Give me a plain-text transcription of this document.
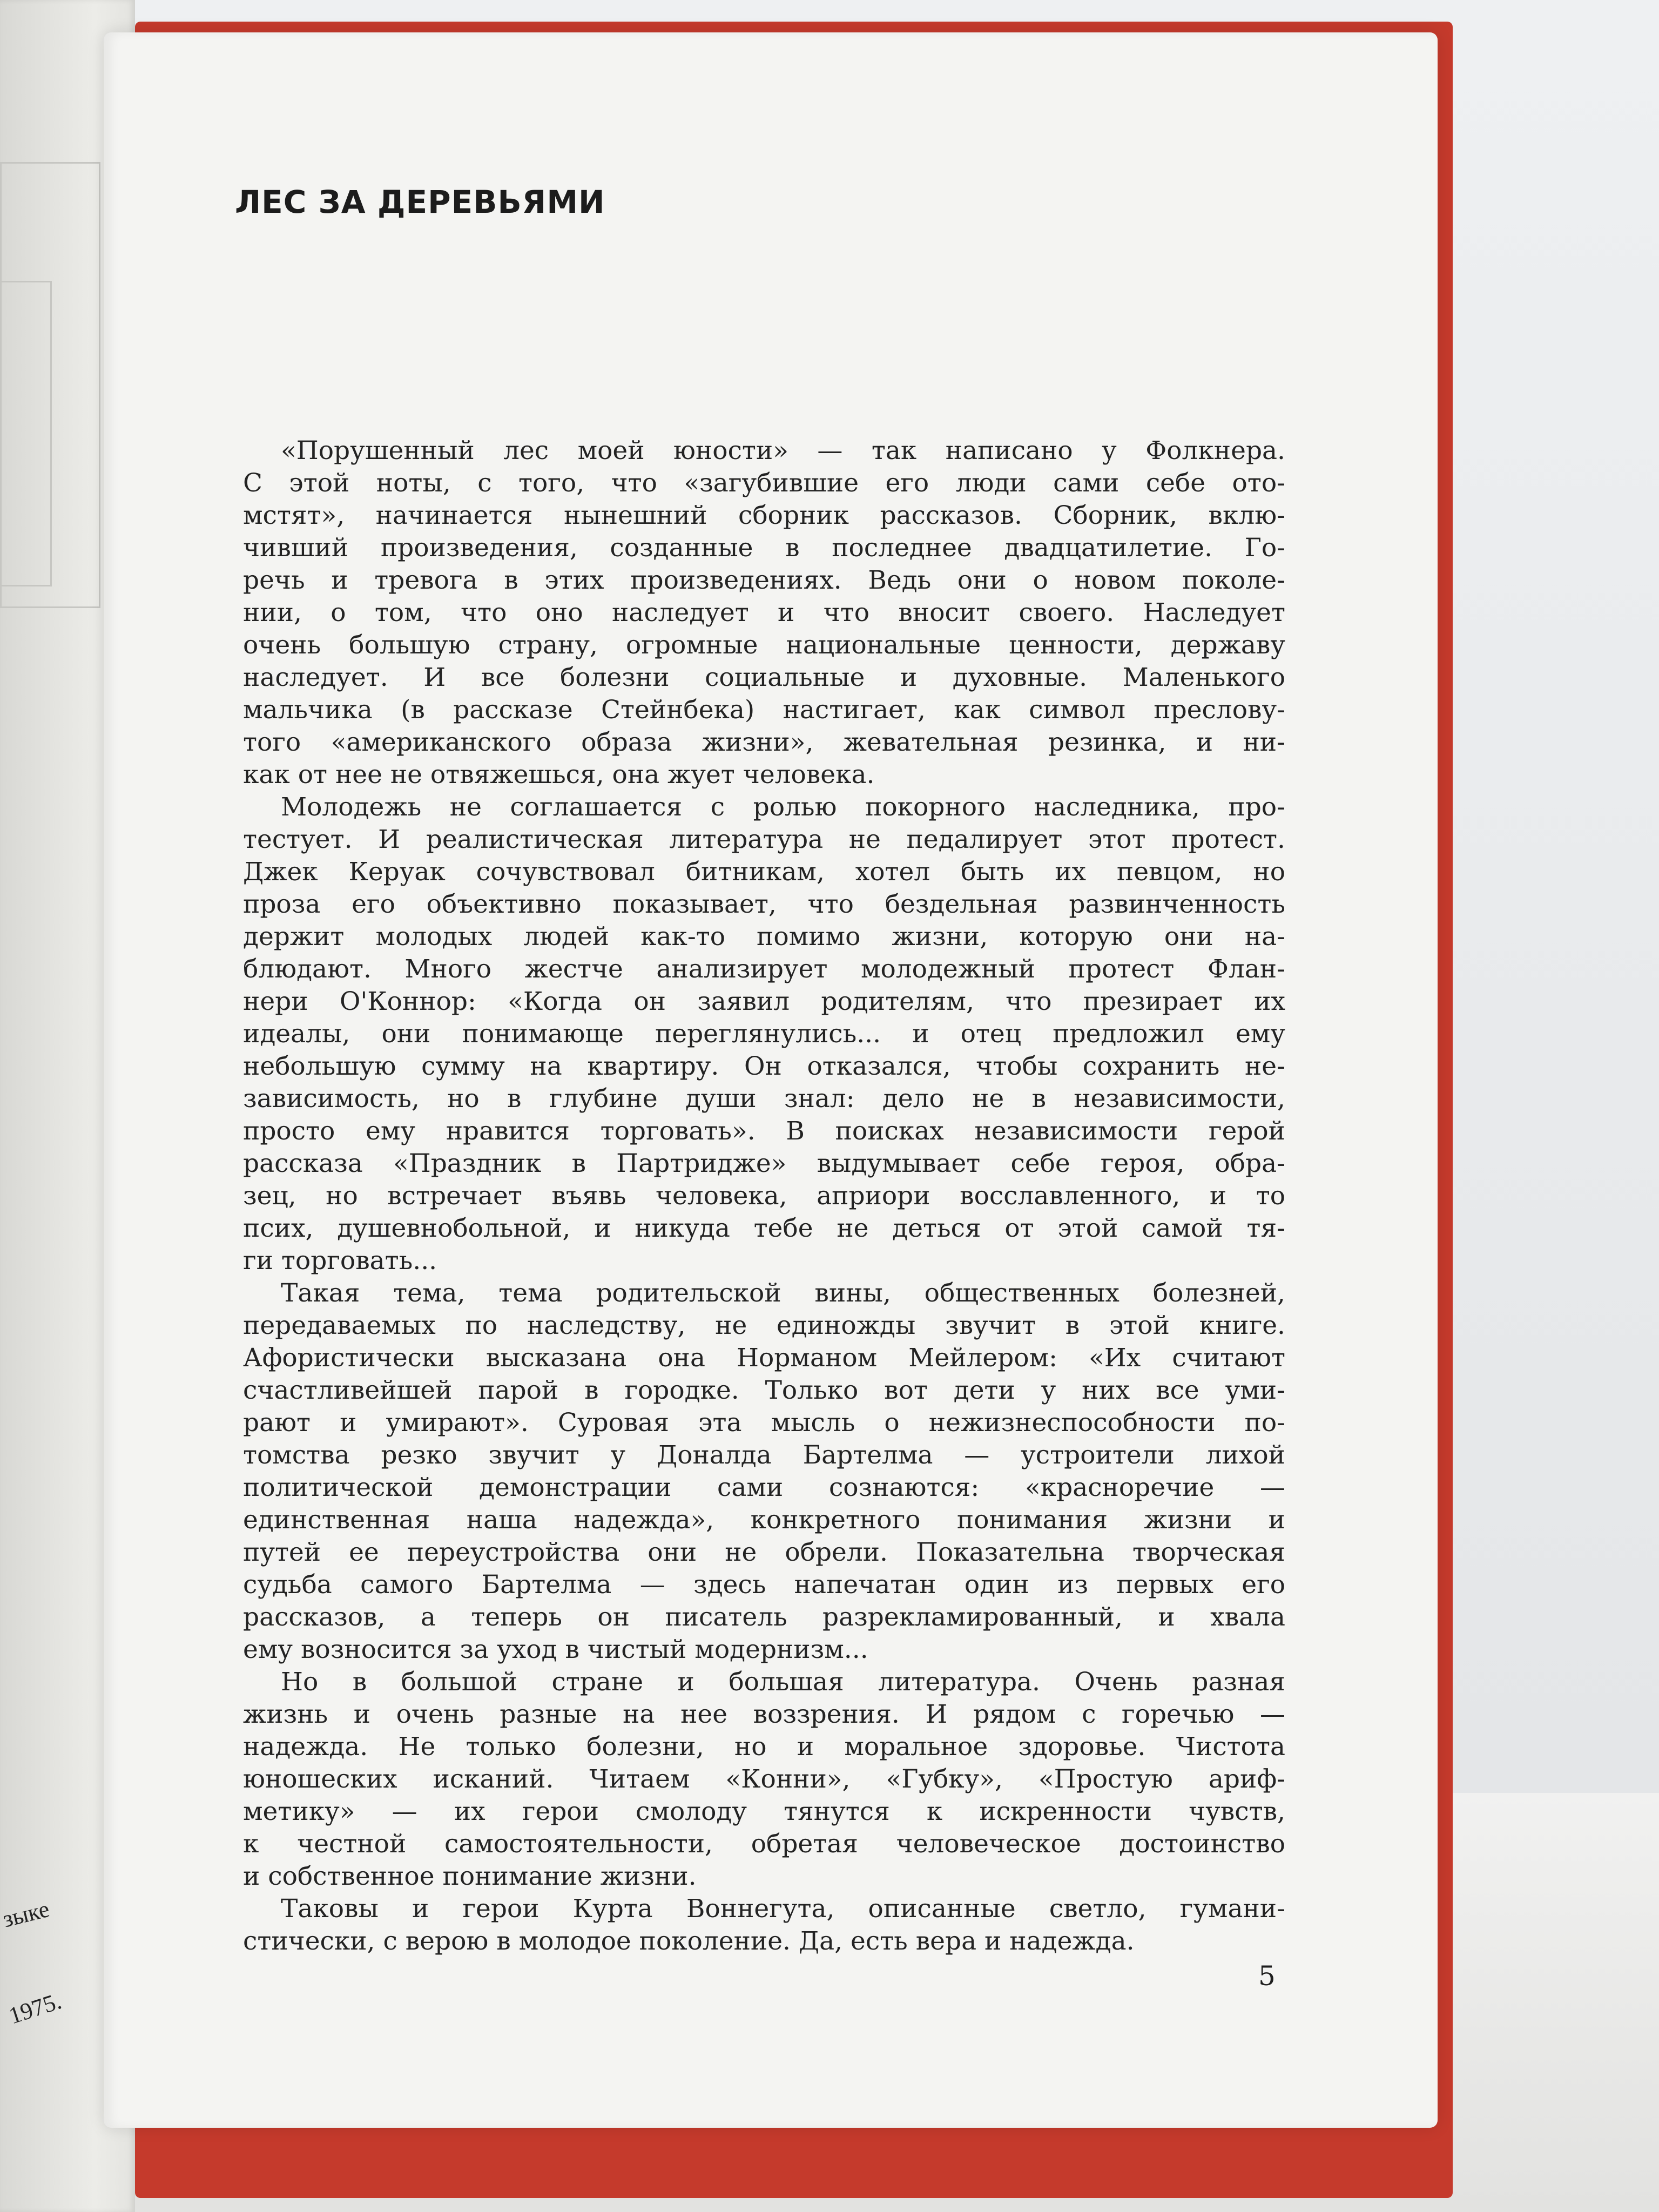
зыке
1975.
ЛЕС ЗА ДЕРЕВЬЯМИ

«Порушенный лес моей юности» — так написано у Фолкнера.

С этой ноты, с того, что «загубившие его люди сами себе ото-

мстят», начинается нынешний сборник рассказов. Сборник, вклю-

чивший произведения, созданные в последнее двадцатилетие. Го-

речь и тревога в этих произведениях. Ведь они о новом поколе-

нии, о том, что оно наследует и что вносит своего. Наследует

очень большую страну, огромные национальные ценности, державу

наследует. И все болезни социальные и духовные. Маленького

мальчика (в рассказе Стейнбека) настигает, как символ преслову-

того «американского образа жизни», жевательная резинка, и ни-

как от нее не отвяжешься, она жует человека.

Молодежь не соглашается с ролью покорного наследника, про-

тестует. И реалистическая литература не педалирует этот протест.

Джек Керуак сочувствовал битникам, хотел быть их певцом, но

проза его объективно показывает, что бездельная развинченность

держит молодых людей как-то помимо жизни, которую они на-

блюдают. Много жестче анализирует молодежный протест Флан-

нери О'Коннор: «Когда он заявил родителям, что презирает их

идеалы, они понимающе переглянулись... и отец предложил ему

небольшую сумму на квартиру. Он отказался, чтобы сохранить не-

зависимость, но в глубине души знал: дело не в независимости,

просто ему нравится торговать». В поисках независимости герой

рассказа «Праздник в Партридже» выдумывает себе героя, обра-

зец, но встречает въявь человека, априори восславленного, и то

псих, душевнобольной, и никуда тебе не деться от этой самой тя-

ги торговать...

Такая тема, тема родительской вины, общественных болезней,

передаваемых по наследству, не единожды звучит в этой книге.

Афористически высказана она Норманом Мейлером: «Их считают

счастливейшей парой в городке. Только вот дети у них все уми-

рают и умирают». Суровая эта мысль о нежизнеспособности по-

томства резко звучит у Доналда Бартелма — устроители лихой

политической демонстрации сами сознаются: «красноречие —

единственная наша надежда», конкретного понимания жизни и

путей ее переустройства они не обрели. Показательна творческая

судьба самого Бартелма — здесь напечатан один из первых его

рассказов, а теперь он писатель разрекламированный, и хвала

ему возносится за уход в чистый модернизм...

Но в большой стране и большая литература. Очень разная

жизнь и очень разные на нее воззрения. И рядом с горечью —

надежда. Не только болезни, но и моральное здоровье. Чистота

юношеских исканий. Читаем «Конни», «Губку», «Простую ариф-

метику» — их герои смолоду тянутся к искренности чувств,

к честной самостоятельности, обретая человеческое достоинство

и собственное понимание жизни.

Таковы и герои Курта Воннегута, описанные светло, гумани-

стически, с верою в молодое поколение. Да, есть вера и надежда.

5
